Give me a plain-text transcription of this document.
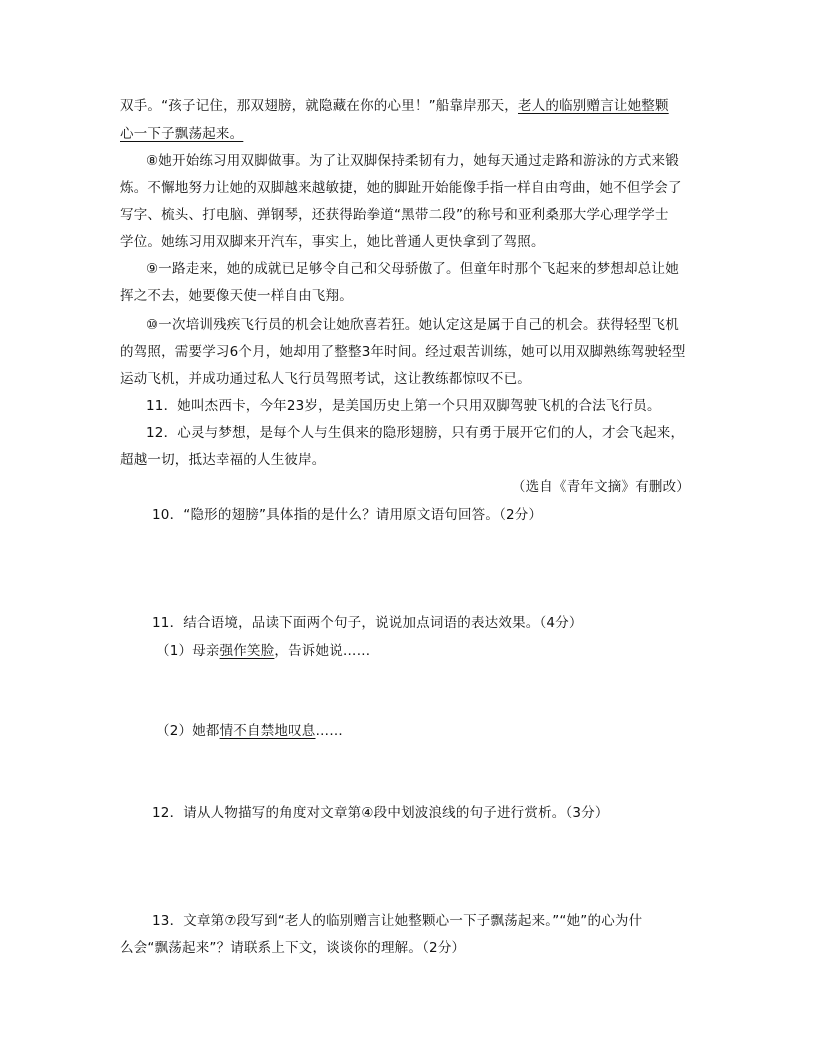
双手。“孩子记住，那双翅膀，就隐藏在你的心里！”船靠岸那天，老人的临别赠言让她整颗
心一下子飘荡起来。
⑧她开始练习用双脚做事。为了让双脚保持柔韧有力，她每天通过走路和游泳的方式来锻
炼。不懈地努力让她的双脚越来越敏捷，她的脚趾开始能像手指一样自由弯曲，她不但学会了
写字、梳头、打电脑、弹钢琴，还获得跆拳道“黑带二段”的称号和亚利桑那大学心理学学士
学位。她练习用双脚来开汽车，事实上，她比普通人更快拿到了驾照。
⑨一路走来，她的成就已足够令自己和父母骄傲了。但童年时那个飞起来的梦想却总让她
挥之不去，她要像天使一样自由飞翔。
⑩一次培训残疾飞行员的机会让她欣喜若狂。她认定这是属于自己的机会。获得轻型飞机
的驾照，需要学习6个月，她却用了整整3年时间。经过艰苦训练，她可以用双脚熟练驾驶轻型
运动飞机，并成功通过私人飞行员驾照考试，这让教练都惊叹不已。
11．她叫杰西卡，今年23岁，是美国历史上第一个只用双脚驾驶飞机的合法飞行员。
12．心灵与梦想，是每个人与生俱来的隐形翅膀，只有勇于展开它们的人，才会飞起来，
超越一切，抵达幸福的人生彼岸。
（选自《青年文摘》有删改）
10．“隐形的翅膀”具体指的是什么？请用原文语句回答。（2分）
11．结合语境，品读下面两个句子，说说加点词语的表达效果。（4分）
（1）母亲强作笑脸，告诉她说……
（2）她都情不自禁地叹息……
12．请从人物描写的角度对文章第④段中划波浪线的句子进行赏析。（3分）
13．文章第⑦段写到“老人的临别赠言让她整颗心一下子飘荡起来。”“她”的心为什
么会“飘荡起来”？请联系上下文，谈谈你的理解。（2分）
